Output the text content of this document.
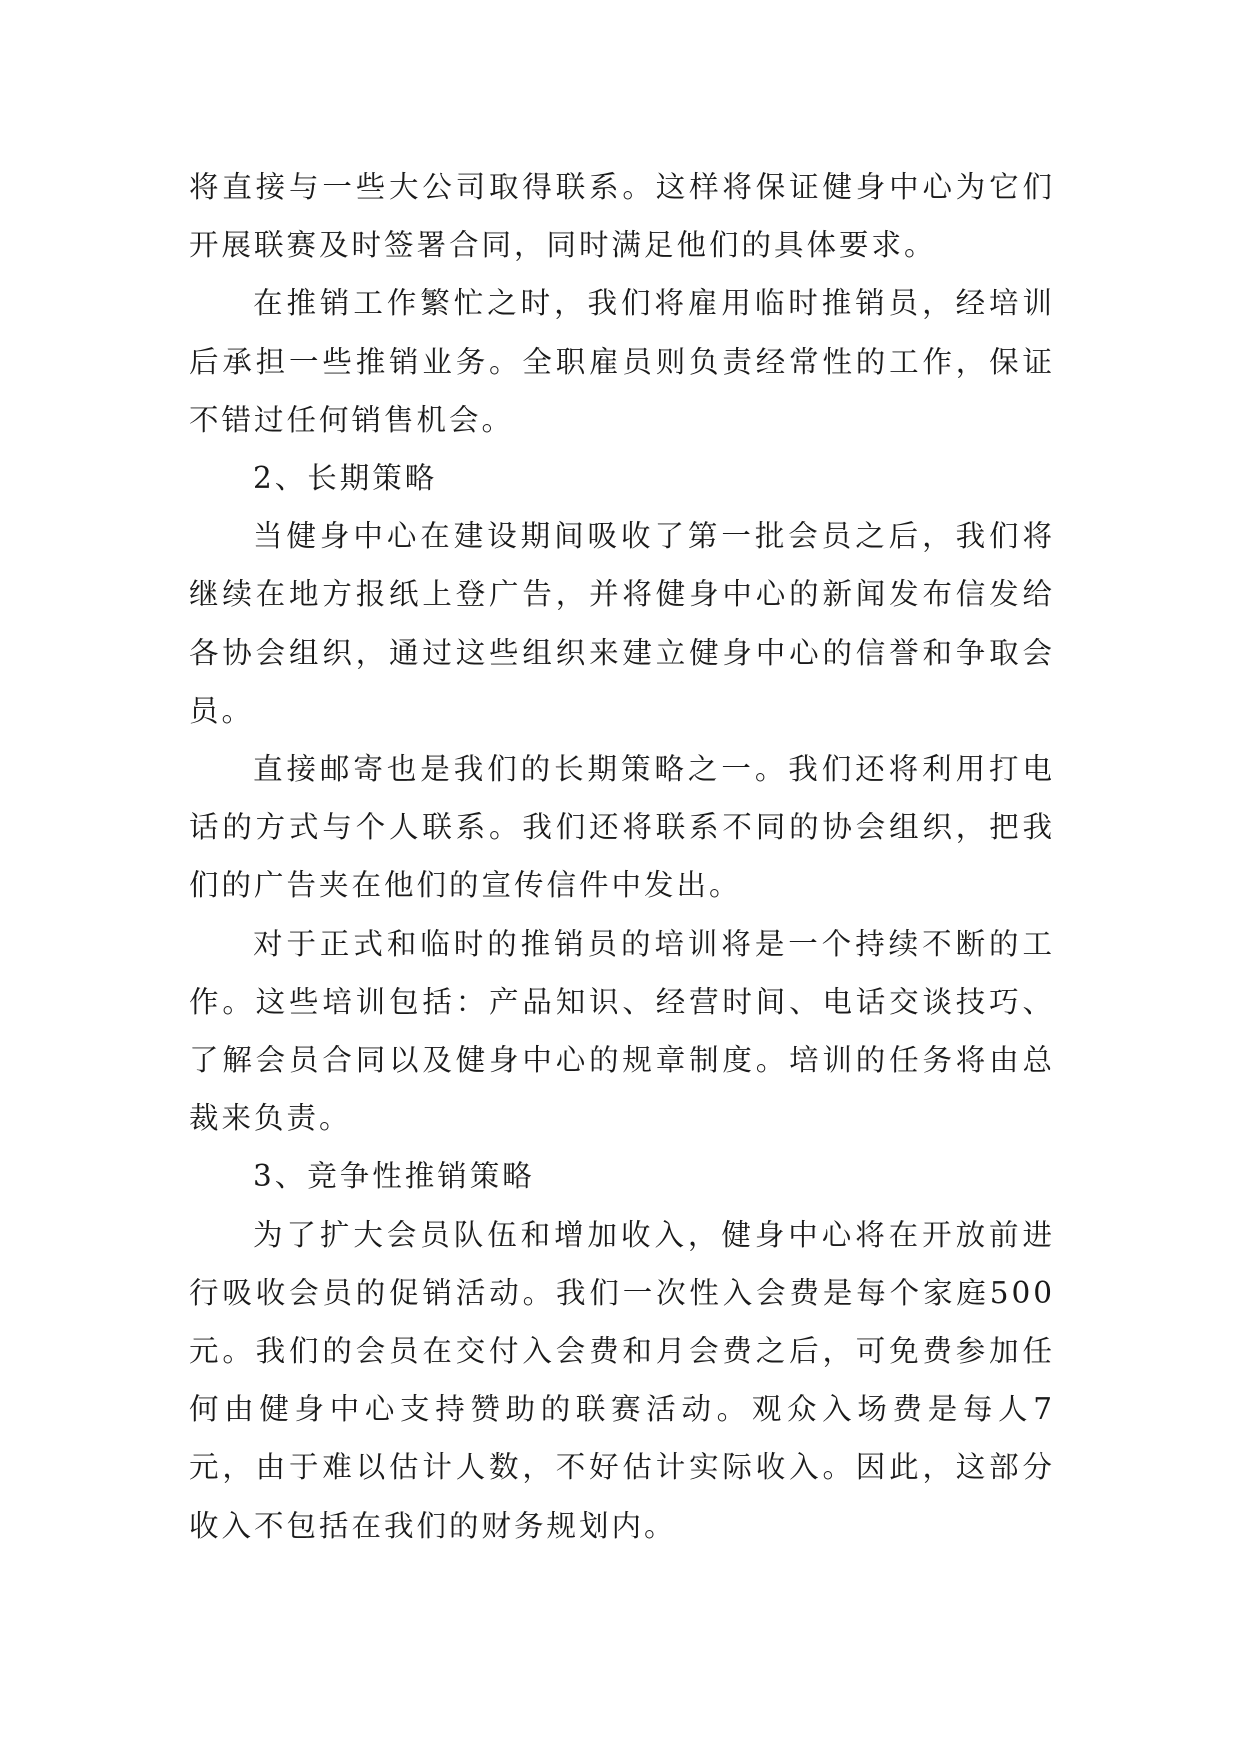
将直接与一些大公司取得联系。这样将保证健身中心为它们开展联赛及时签署合同，同时满足他们的具体要求。

在推销工作繁忙之时，我们将雇用临时推销员，经培训后承担一些推销业务。全职雇员则负责经常性的工作，保证不错过任何销售机会。

2、长期策略

当健身中心在建设期间吸收了第一批会员之后，我们将继续在地方报纸上登广告，并将健身中心的新闻发布信发给各协会组织，通过这些组织来建立健身中心的信誉和争取会员。

直接邮寄也是我们的长期策略之一。我们还将利用打电话的方式与个人联系。我们还将联系不同的协会组织，把我们的广告夹在他们的宣传信件中发出。

对于正式和临时的推销员的培训将是一个持续不断的工作。这些培训包括：产品知识、经营时间、电话交谈技巧、了解会员合同以及健身中心的规章制度。培训的任务将由总裁来负责。

3、竞争性推销策略

为了扩大会员队伍和增加收入，健身中心将在开放前进行吸收会员的促销活动。我们一次性入会费是每个家庭500元。我们的会员在交付入会费和月会费之后，可免费参加任何由健身中心支持赞助的联赛活动。观众入场费是每人7元，由于难以估计人数，不好估计实际收入。因此，这部分收入不包括在我们的财务规划内。
